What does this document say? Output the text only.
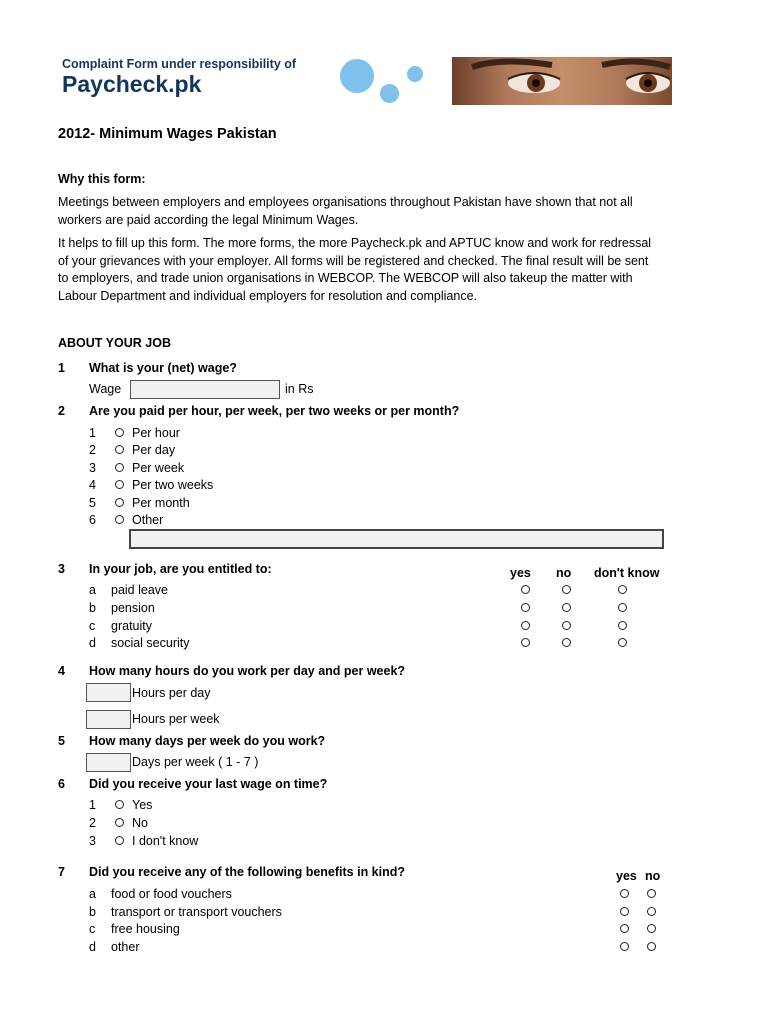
Complaint Form under responsibility of
Paycheck.pk
2012- Minimum Wages Pakistan
Why this form:
Meetings between employers and employees organisations throughout Pakistan have shown that not all workers are paid according the legal Minimum Wages.
It helps to fill up this form. The more forms, the more Paycheck.pk and APTUC know and work for redressal of your grievances with your employer. All forms will be registered and checked. The final result will be sent to employers, and trade union organisations in WEBCOP. The WEBCOP will also takeup the matter with Labour Department and individual employers for resolution and compliance.
ABOUT YOUR JOB
1 What is your (net) wage?
Wage	in Rs
2 Are you paid per hour, per week, per two weeks or per month?
1	Per hour
2	Per day
3	Per week
4	Per two weeks
5	Per month
6	Other
3 In your job, are you entitled to:	yes no don't know
a paid leave
b pension
c gratuity
d social security
4 How many hours do you work per day and per week?
Hours per day
Hours per week
5 How many days per week do you work?
Days per week ( 1 - 7 )
6 Did you receive your last wage on time?
1	Yes
2	No
3	I don't know
7 Did you receive any of the following benefits in kind?	yes no
a food or food vouchers
b transport or transport vouchers
c free housing
d other
